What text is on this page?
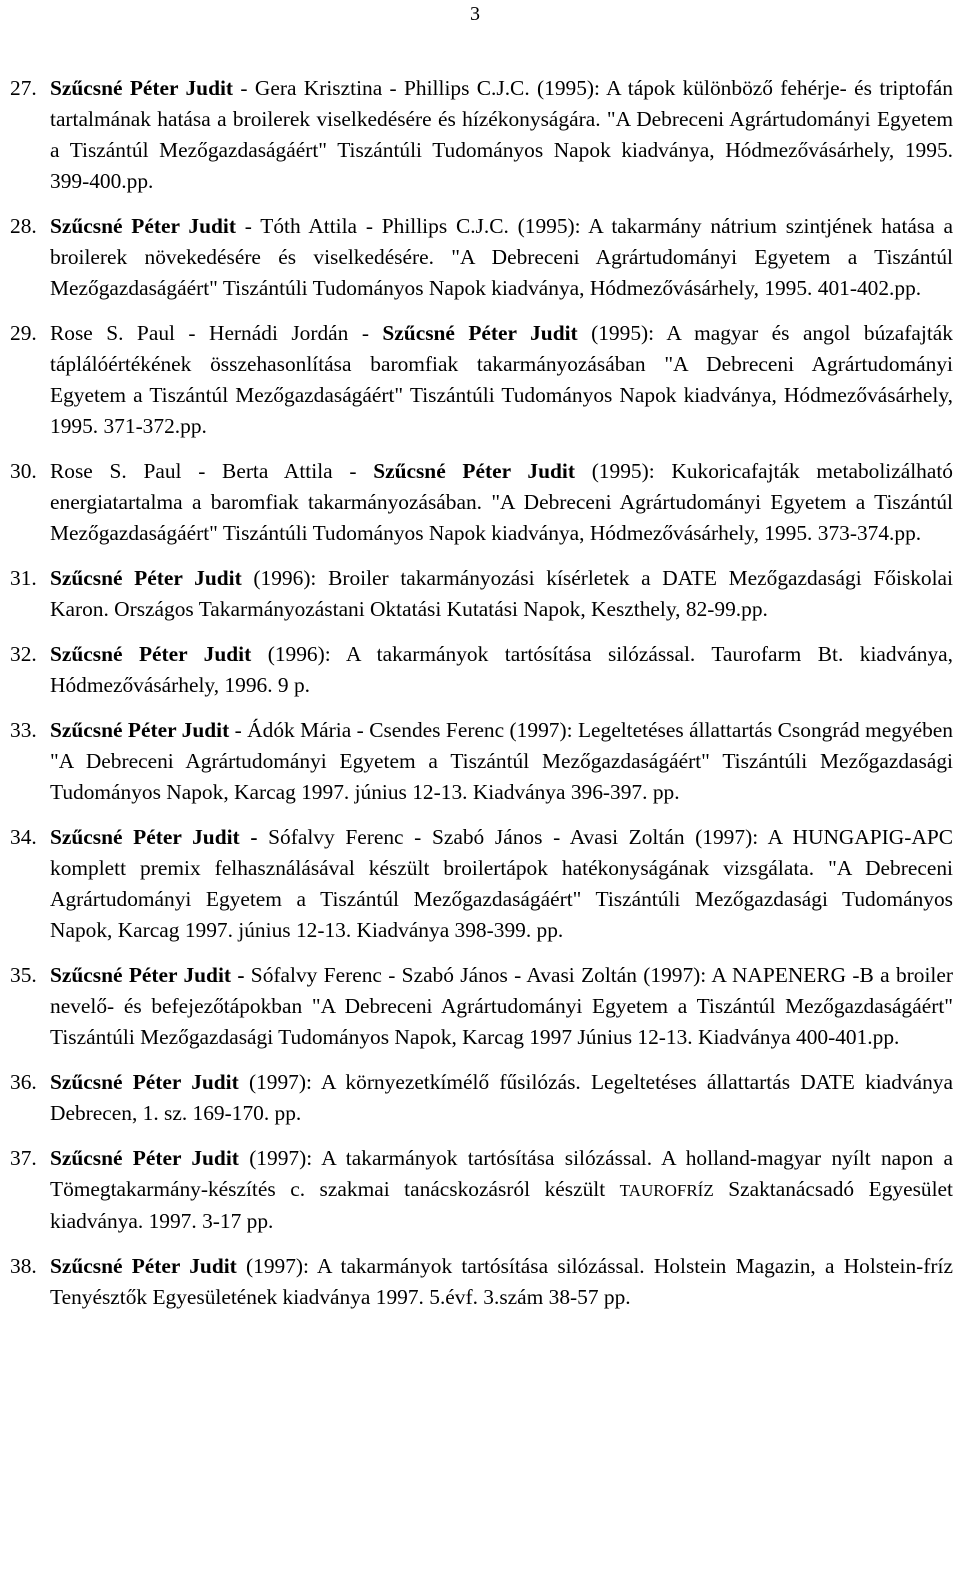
3
27. Szűcsné Péter Judit - Gera Krisztina - Phillips C.J.C. (1995): A tápok különböző fehérje- és triptofán tartalmának hatása a broilerek viselkedésére és hízékonyságára. "A Debreceni Agrártudományi Egyetem a Tiszántúl Mezőgazdaságáért" Tiszántúli Tudományos Napok kiadványa, Hódmezővásárhely, 1995. 399-400.pp.
28. Szűcsné Péter Judit - Tóth Attila - Phillips C.J.C. (1995): A takarmány nátrium szintjének hatása a broilerek növekedésére és viselkedésére. "A Debreceni Agrártudományi Egyetem a Tiszántúl Mezőgazdaságáért" Tiszántúli Tudományos Napok kiadványa, Hódmezővásárhely, 1995. 401-402.pp.
29. Rose S. Paul - Hernádi Jordán - Szűcsné Péter Judit (1995): A magyar és angol búzafajták táplálóértékének összehasonlítása baromfiak takarmányozásában "A Debreceni Agrártudományi Egyetem a Tiszántúl Mezőgazdaságáért" Tiszántúli Tudományos Napok kiadványa, Hódmezővásárhely, 1995. 371-372.pp.
30. Rose S. Paul - Berta Attila - Szűcsné Péter Judit (1995): Kukoricafajták metabolizálható energiatartalma a baromfiak takarmányozásában. "A Debreceni Agrártudományi Egyetem a Tiszántúl Mezőgazdaságáért" Tiszántúli Tudományos Napok kiadványa, Hódmezővásárhely, 1995. 373-374.pp.
31. Szűcsné Péter Judit (1996): Broiler takarmányozási kísérletek a DATE Mezőgazdasági Főiskolai Karon. Országos Takarmányozástani Oktatási Kutatási Napok, Keszthely, 82-99.pp.
32. Szűcsné Péter Judit (1996): A takarmányok tartósítása silózással. Taurofarm Bt. kiadványa, Hódmezővásárhely, 1996. 9 p.
33. Szűcsné Péter Judit - Ádók Mária - Csendes Ferenc (1997): Legeltetéses állattartás Csongrád megyében "A Debreceni Agrártudományi Egyetem a Tiszántúl Mezőgazdaságáért" Tiszántúli Mezőgazdasági Tudományos Napok, Karcag 1997. június 12-13. Kiadványa 396-397. pp.
34. Szűcsné Péter Judit - Sófalvy Ferenc - Szabó János - Avasi Zoltán (1997): A HUNGAPIG-APC komplett premix felhasználásával készült broilertápok hatékonyságának vizsgálata. "A Debreceni Agrártudományi Egyetem a Tiszántúl Mezőgazdaságáért" Tiszántúli Mezőgazdasági Tudományos Napok, Karcag 1997. június 12-13. Kiadványa 398-399. pp.
35. Szűcsné Péter Judit - Sófalvy Ferenc - Szabó János - Avasi Zoltán (1997): A NAPENERG -B a broiler nevelő- és befejezőtápokban "A Debreceni Agrártudományi Egyetem a Tiszántúl Mezőgazdaságáért" Tiszántúli Mezőgazdasági Tudományos Napok, Karcag 1997 Június 12-13. Kiadványa 400-401.pp.
36. Szűcsné Péter Judit (1997): A környezetkímélő fűsilózás. Legeltetéses állattartás DATE kiadványa Debrecen, 1. sz. 169-170. pp.
37. Szűcsné Péter Judit (1997): A takarmányok tartósítása silózással. A holland-magyar nyílt napon a Tömegtakarmány-készítés c. szakmai tanácskozásról készült TAUROFRÍZ Szaktanácsadó Egyesület kiadványa. 1997. 3-17 pp.
38. Szűcsné Péter Judit (1997): A takarmányok tartósítása silózással. Holstein Magazin, a Holstein-fríz Tenyésztők Egyesületének kiadványa 1997. 5.évf. 3.szám 38-57 pp.
